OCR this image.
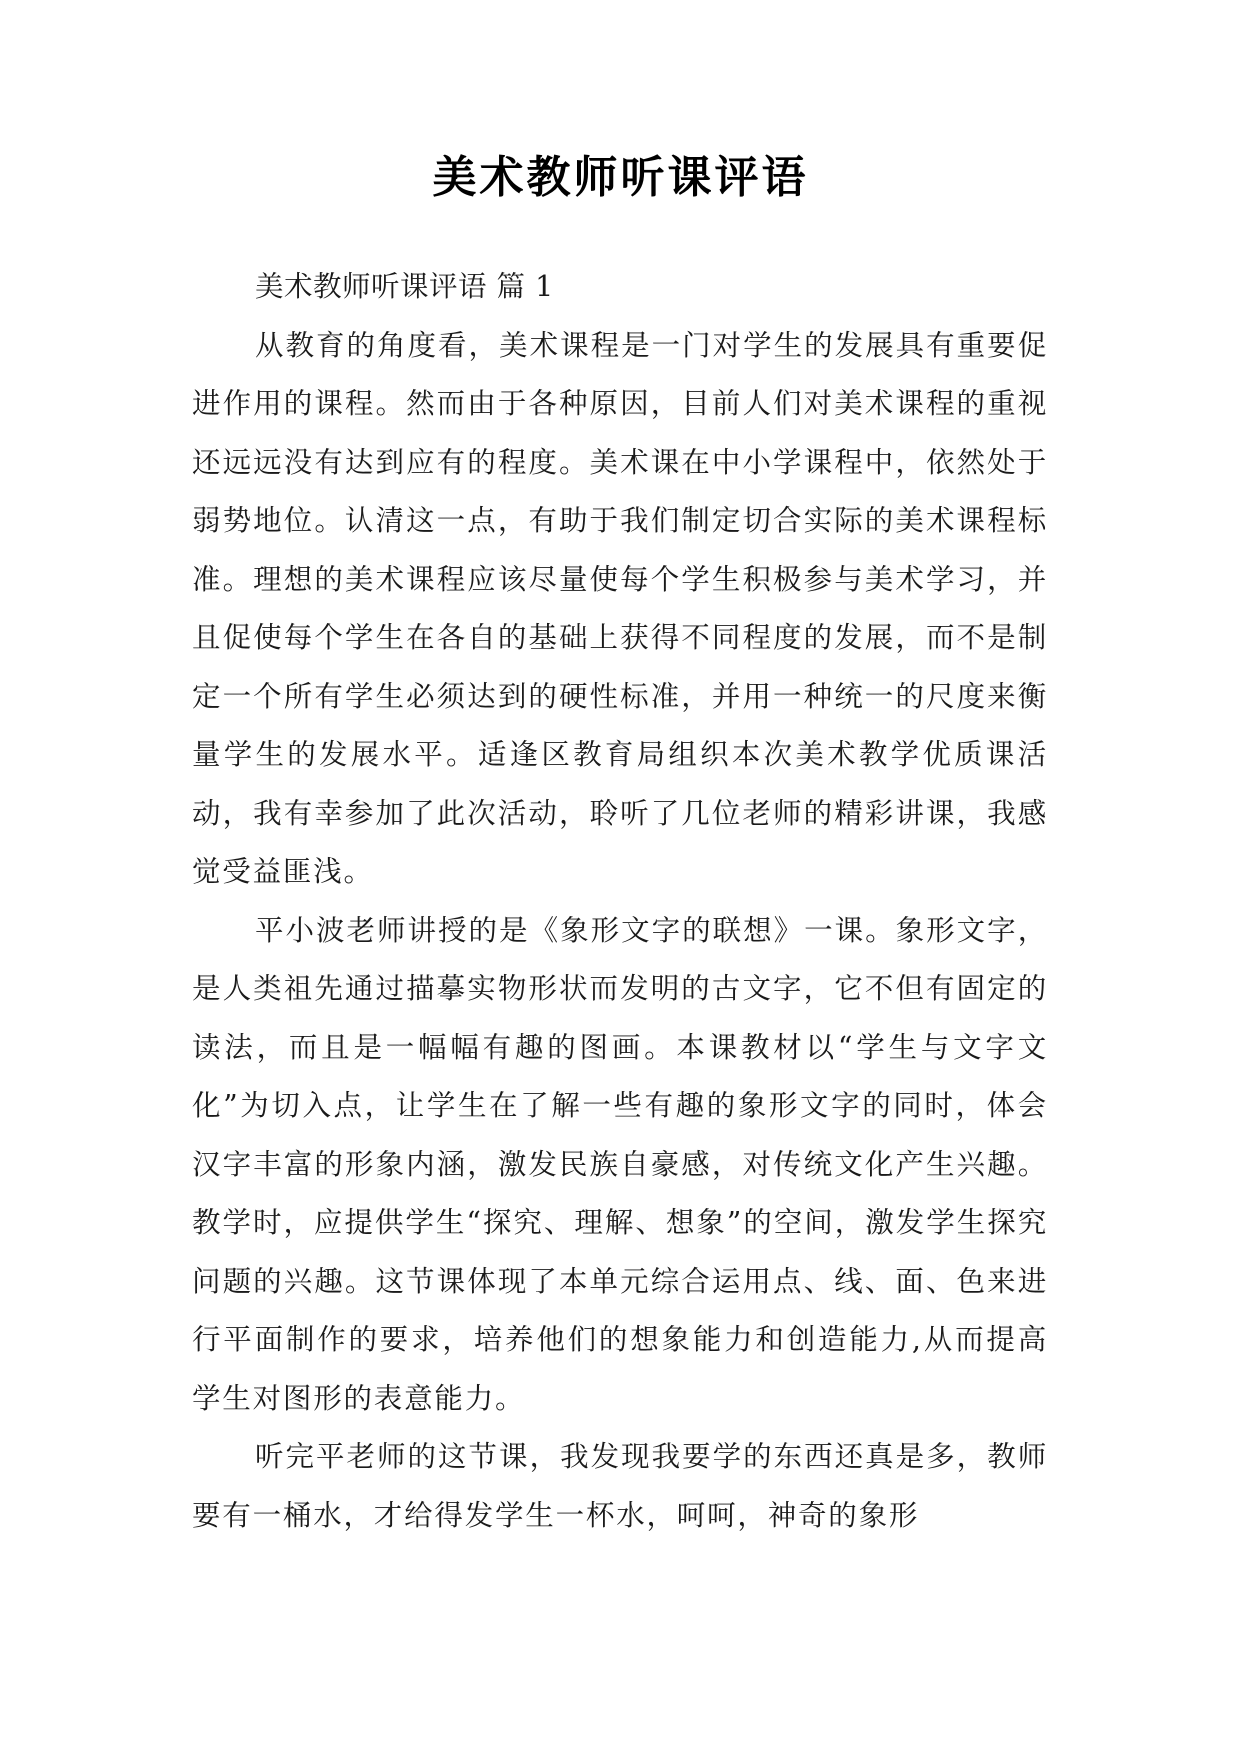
美术教师听课评语

美术教师听课评语 篇 1

从教育的角度看，美术课程是一门对学生的发展具有重要促进作用的课程。然而由于各种原因，目前人们对美术课程的重视还远远没有达到应有的程度。美术课在中小学课程中，依然处于弱势地位。认清这一点，有助于我们制定切合实际的美术课程标准。理想的美术课程应该尽量使每个学生积极参与美术学习，并且促使每个学生在各自的基础上获得不同程度的发展，而不是制定一个所有学生必须达到的硬性标准，并用一种统一的尺度来衡量学生的发展水平。适逢区教育局组织本次美术教学优质课活动，我有幸参加了此次活动，聆听了几位老师的精彩讲课，我感觉受益匪浅。

平小波老师讲授的是《象形文字的联想》一课。象形文字，是人类祖先通过描摹实物形状而发明的古文字，它不但有固定的读法，而且是一幅幅有趣的图画。本课教材以“学生与文字文化”为切入点，让学生在了解一些有趣的象形文字的同时，体会汉字丰富的形象内涵，激发民族自豪感，对传统文化产生兴趣。教学时，应提供学生“探究、理解、想象”的空间，激发学生探究问题的兴趣。这节课体现了本单元综合运用点、线、面、色来进行平面制作的要求，培养他们的想象能力和创造能力,从而提高学生对图形的表意能力。

听完平老师的这节课，我发现我要学的东西还真是多，教师要有一桶水，才给得发学生一杯水，呵呵，神奇的象形
